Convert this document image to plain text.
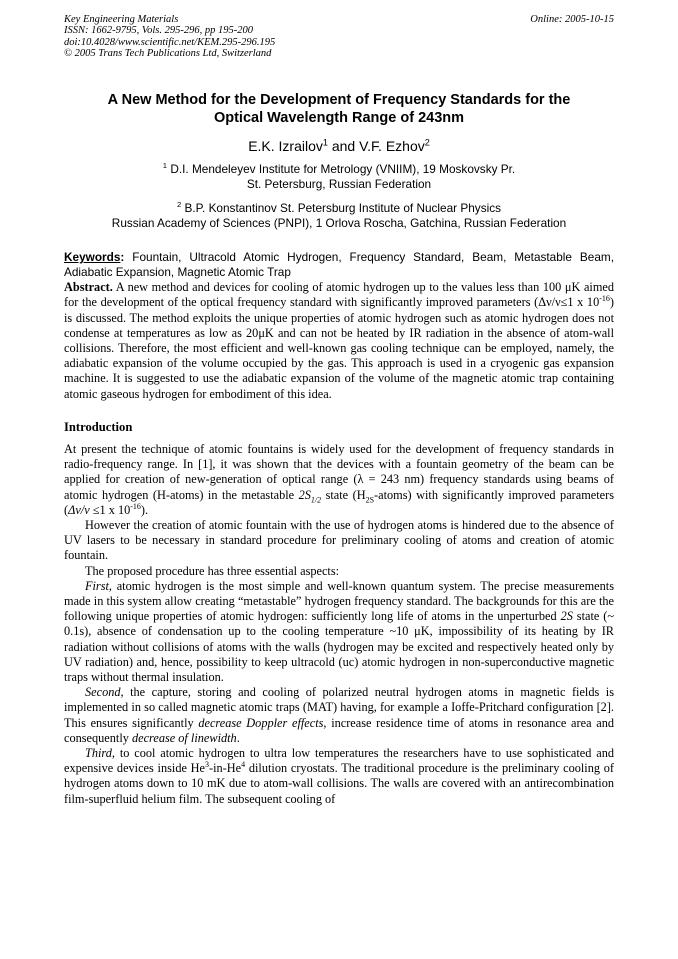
Key Engineering Materials	Online: 2005-10-15
ISSN: 1662-9795, Vols. 295-296, pp 195-200
doi:10.4028/www.scientific.net/KEM.295-296.195
© 2005 Trans Tech Publications Ltd, Switzerland
A New Method for the Development of Frequency Standards for the
Optical Wavelength Range of 243nm
E.K. Izrailov$^1$ and V.F. Ezhov$^2$
$^1$ D.I. Mendeleyev Institute for Metrology (VNIIM), 19 Moskovsky Pr.
St. Petersburg, Russian Federation
$^2$ B.P. Konstantinov St. Petersburg Institute of Nuclear Physics
Russian Academy of Sciences (PNPI), 1 Orlova Roscha, Gatchina, Russian Federation
Keywords: Fountain, Ultracold Atomic Hydrogen, Frequency Standard, Beam, Metastable Beam, Adiabatic Expansion, Magnetic Atomic Trap

Abstract. A new method and devices for cooling of atomic hydrogen up to the values less than 100 μK aimed for the development of the optical frequency standard with significantly improved parameters (Δν/ν≤1 x $10^{-16}$) is discussed. The method exploits the unique properties of atomic hydrogen such as atomic hydrogen does not condense at temperatures as low as 20μK and can not be heated by IR radiation in the absence of atom-wall collisions. Therefore, the most efficient and well-known gas cooling technique can be employed, namely, the adiabatic expansion of the volume occupied by the gas. This approach is used in a cryogenic gas expansion machine. It is suggested to use the adiabatic expansion of the volume of the magnetic atomic trap containing atomic gaseous hydrogen for embodiment of this idea.

Introduction

At present the technique of atomic fountains is widely used for the development of frequency standards in radio-frequency range. In [1], it was shown that the devices with a fountain geometry of the beam can be applied for creation of new-generation of optical range (λ = 243 nm) frequency standards using beams of atomic hydrogen (H-atoms) in the metastable $2S_{1/2}$ state $(H_{2S}-atoms)$ with significantly improved parameters (Δν/ν ≤1 x $10^{-16}$).

However the creation of atomic fountain with the use of hydrogen atoms is hindered due to the absence of UV lasers to be necessary in standard procedure for preliminary cooling of atoms and creation of atomic fountain.

The proposed procedure has three essential aspects:

First, atomic hydrogen is the most simple and well-known quantum system. The precise measurements made in this system allow creating “metastable” hydrogen frequency standard. The backgrounds for this are the following unique properties of atomic hydrogen: sufficiently long life of atoms in the unperturbed 2S state (~ 0.1s), absence of condensation up to the cooling temperature ~10 μK, impossibility of its heating by IR radiation without collisions of atoms with the walls (hydrogen may be excited and respectively heated only by UV radiation) and, hence, possibility to keep ultracold (uc) atomic hydrogen in non-superconductive magnetic traps without thermal insulation.

Second, the capture, storing and cooling of polarized neutral hydrogen atoms in magnetic fields is implemented in so called magnetic atomic traps (MAT) having, for example a Ioffe-Pritchard configuration [2]. This ensures significantly decrease Doppler effects, increase residence time of atoms in resonance area and consequently decrease of linewidth.

Third, to cool atomic hydrogen to ultra low temperatures the researchers have to use sophisticated and expensive devices inside He$^3$-in-He$^4$ dilution cryostats. The traditional procedure is the preliminary cooling of hydrogen atoms down to 10 mK due to atom-wall collisions. The walls are covered with an antirecombination film-superfluid helium film. The subsequent cooling of
